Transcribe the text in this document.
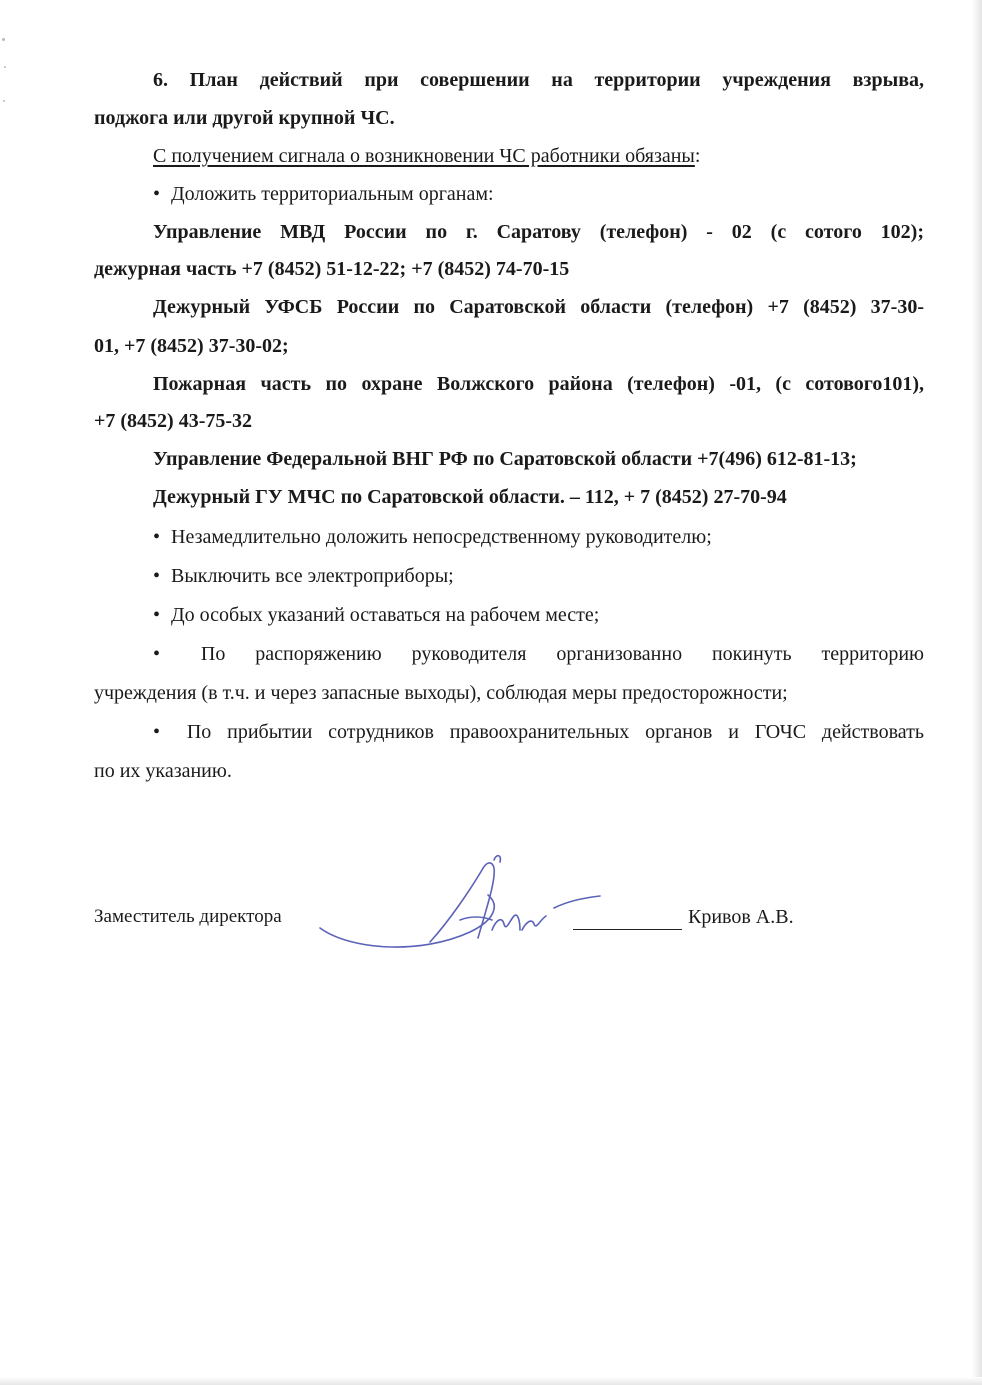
6. План действий при совершении на территории учреждения взрыва,
поджога или другой крупной ЧС.
С получением сигнала о возникновении ЧС работники обязаны:
• Доложить территориальным органам:
Управление МВД России по г. Саратову (телефон) - 02 (с сотого 102);
дежурная часть +7 (8452) 51-12-22; +7 (8452) 74-70-15
Дежурный УФСБ России по Саратовской области (телефон) +7 (8452) 37-30-
01, +7 (8452) 37-30-02;
Пожарная часть по охране Волжского района (телефон) -01, (с сотового101),
+7 (8452) 43-75-32
Управление Федеральной ВНГ РФ по Саратовской области +7(496) 612-81-13;
Дежурный ГУ МЧС по Саратовской области. – 112, + 7 (8452) 27-70-94
• Незамедлительно доложить непосредственному руководителю;
• Выключить все электроприборы;
• До особых указаний оставаться на рабочем месте;
• По распоряжению руководителя организованно покинуть территорию
учреждения (в т.ч. и через запасные выходы), соблюдая меры предосторожности;
• По прибытии сотрудников правоохранительных органов и ГОЧС действовать
по их указанию.
Заместитель директора	Кривов А.В.
